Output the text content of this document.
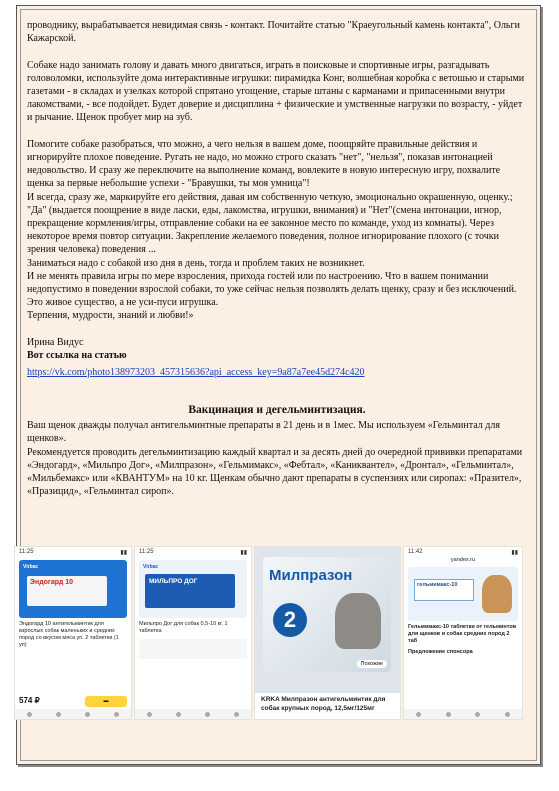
проводнику, вырабатывается невидимая связь - контакт. Почитайте статью "Краеугольный камень контакта", Ольги Кажарской.

Собаке надо занимать голову и давать много двигаться, играть в поисковые и спортивные игры, разгадывать головоломки, используйте дома интерактивные игрушки: пирамидка Конг, волшебная коробка с ветошью и старыми газетами - в складах и узелках которой спрятано угощение, старые штаны с карманами и припасенными внутри лакомствами, - все подойдет. Будет доверие и дисциплина + физические и умственные нагрузки по возрасту, - уйдет и рычание. Щенок пробует мир на зуб.

Помогите собаке разобраться, что можно, а чего нельзя в вашем доме, поощряйте правильные действия и игнорируйте плохое поведение. Ругать не надо, но можно строго сказать "нет", "нельзя", показав интонацией недовольство. И сразу же переключите на выполнение команд, вовлеките в новую интересную игру, похвалите щенка за первые небольшие успехи - "Бравушки, ты моя умница"!

И всегда, сразу же, маркируйте его действия, давая им собственную четкую, эмоционально окрашенную, оценку.; "Да" (выдается поощрение в виде ласки, еды, лакомства, игрушки, внимания) и "Нет"(смена интонации, игнор, прекращение кормления/игры, отправление собаки на ее законное место по команде, уход из комнаты). Через некоторое время повтор ситуации. Закрепление желаемого поведения, полное игнорирование плохого (с точки зрения человека) поведения ...

Заниматься надо с собакой изо дня в день, тогда и проблем таких не возникнет.

И не менять правила игры по мере взросления, прихода гостей или по настроению. Что в вашем понимании недопустимо в поведении взрослой собаки, то уже сейчас нельзя позволять делать щенку, сразу и без исключений. Это живое существо, а не уси-пуси игрушка.

Терпения, мудрости, знаний и любви!»

Ирина Видус

Вот ссылка на статью

https://vk.com/photo138973203_457315636?api_access_key=9a87a7ee45d274c420
Вакцинация и дегельминтизация.

Ваш щенок дважды получал антигельминтные препараты в 21 день и в 1мес. Мы используем «Гельминтал для щенков».

Рекомендуется проводить дегельминтизацию каждый квартал и за десять дней до очередной прививки препаратами «Эндогард», «Мильпро Дог», «Милпразон», «Гельмимакс», «Фебтал», «Каниквантел», «Дронтал», «Гельминтал», «Мильбемакс» или «КВАНТУМ» на 10 кг. Щенкам обычно дают препараты в суспензиях или сиропах: «Празител», «Празицид», «Гельминтал сироп».

11:25	▮▮
Virbac
Эндогард 10
Эндогард 10 антигельминтик для взрослых собак маленьких и средних пород со вкусом мяса уп. 2 таблетки (1 уп)
574 ₽	▬
11:25	▮▮
Virbac
МИЛЬПРО ДОГ
Мильпро Дог для собак 0,5-10 кг, 1 таблетка
Милпразон
2
Похожие
KRKA Милпразон антигельминтик для собак крупных пород, 12,5мг/125мг
11:42	▮▮
yandex.ru
гельмимакс-10
Гельмимакс-10 таблетки от гельминтов для щенков и собак средних пород 2 таб
Предложение спонсора
